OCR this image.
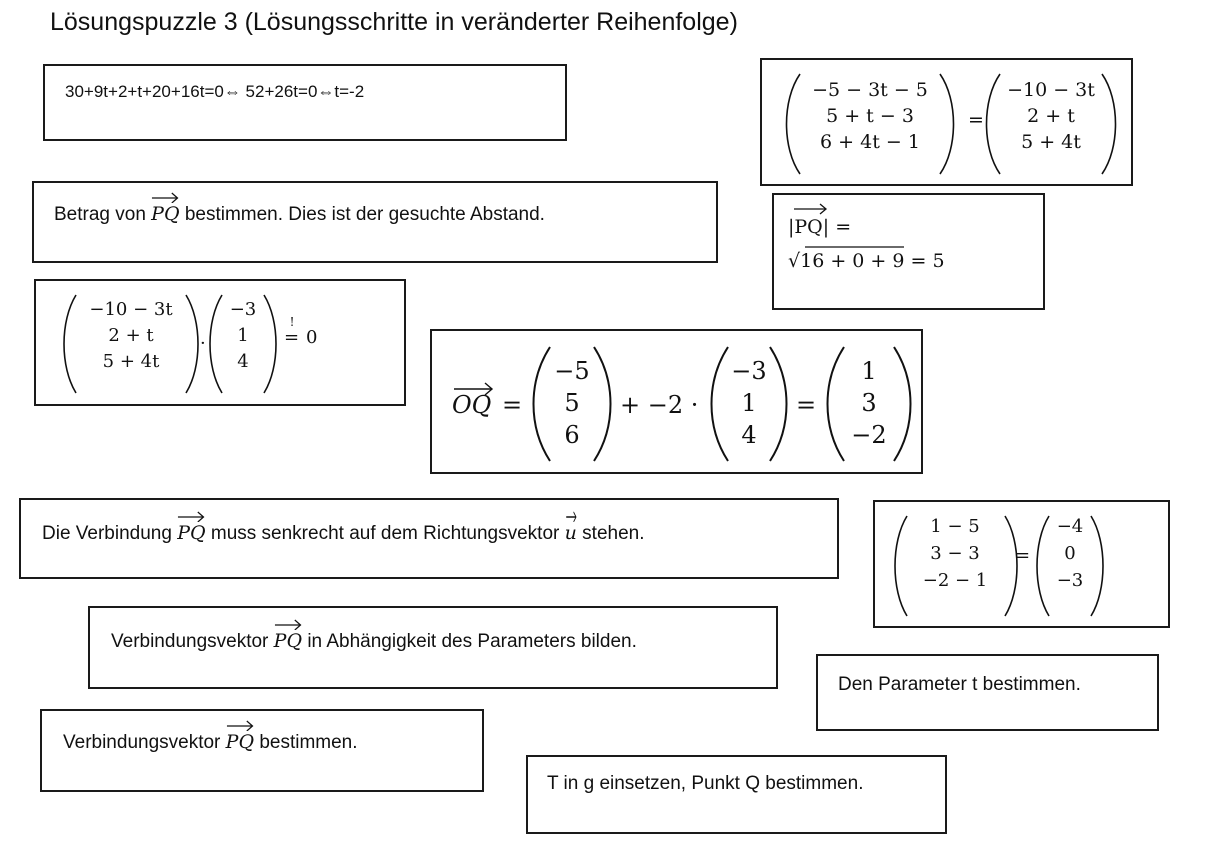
Lösungspuzzle 3 (Lösungsschritte in veränderter Reihenfolge)
30+9t+2+t+20+16t=0⇔ 52+26t=0⇔t=-2	−5 − 3t − 5
5 + t − 3
6 + 4t − 1
=
−10 − 3t
2 + t
5 + 4t
Betrag von
PQ bestimmen. Dies ist der gesuchte Abstand.
|PQ| =
√16 + 0 + 9 = 5
−10 − 3t
2 + t
5 + 4t
·
−3
1
4
!
= 0
OQ =
−5
5
6
+ −2 ·
−3
1
4
=
1
3
−2
Die Verbindung
PQ muss senkrecht auf dem Richtungsvektor
u stehen.	1 − 5
3 − 3
−2 − 1
=
−4
0
−3
Verbindungsvektor
PQ in Abhängigkeit des Parameters bilden.
Den Parameter t bestimmen.
Verbindungsvektor
PQ bestimmen.
T in g einsetzen, Punkt Q bestimmen.
